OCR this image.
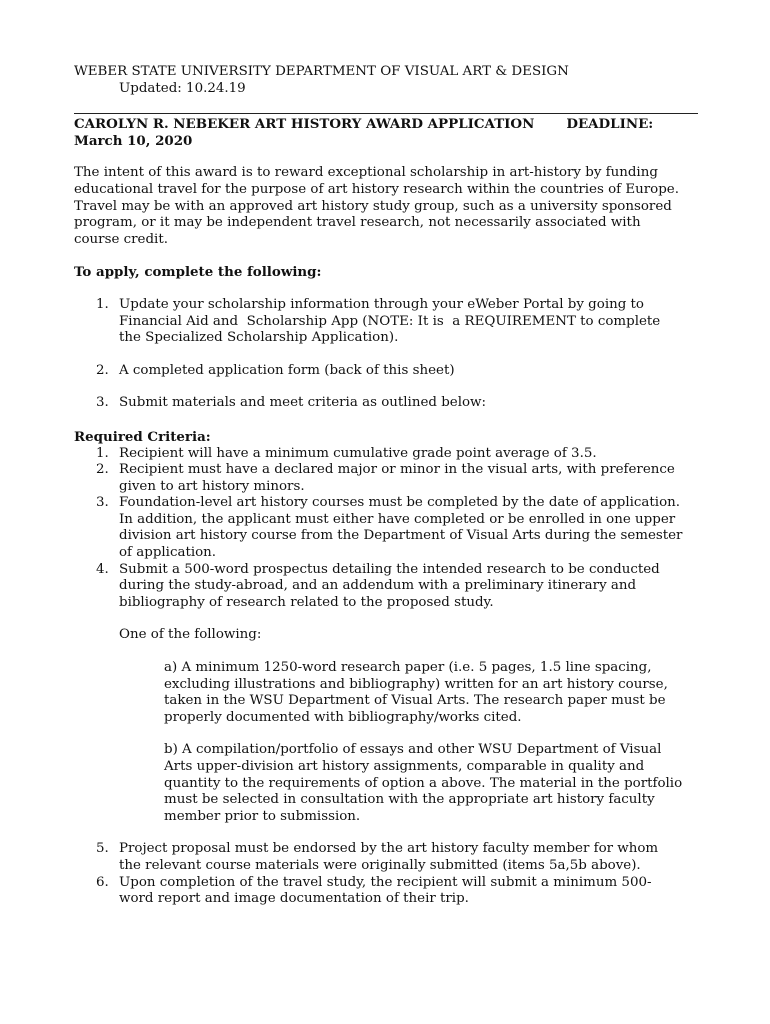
WEBER STATE UNIVERSITY DEPARTMENT OF VISUAL ART & DESIGN
Updated: 10.24.19
CAROLYN R. NEBEKER ART HISTORY AWARD APPLICATION DEADLINE:
March 10, 2020
The intent of this award is to reward exceptional scholarship in art-history by funding
educational travel for the purpose of art history research within the countries of Europe.
Travel may be with an approved art history study group, such as a university sponsored
program, or it may be independent travel research, not necessarily associated with
course credit.
To apply, complete the following:
1. Update your scholarship information through your eWeber Portal by going to
Financial Aid and  Scholarship App (NOTE: It is  a REQUIREMENT to complete
the Specialized Scholarship Application).
2. A completed application form (back of this sheet)
3. Submit materials and meet criteria as outlined below:
Required Criteria:
1. Recipient will have a minimum cumulative grade point average of 3.5.
2. Recipient must have a declared major or minor in the visual arts, with preference
given to art history minors.
3. Foundation-level art history courses must be completed by the date of application.
In addition, the applicant must either have completed or be enrolled in one upper
division art history course from the Department of Visual Arts during the semester
of application.
4. Submit a 500-word prospectus detailing the intended research to be conducted
during the study-abroad, and an addendum with a preliminary itinerary and
bibliography of research related to the proposed study.
One of the following:
a) A minimum 1250-word research paper (i.e. 5 pages, 1.5 line spacing,
excluding illustrations and bibliography) written for an art history course,
taken in the WSU Department of Visual Arts. The research paper must be
properly documented with bibliography/works cited.
b) A compilation/portfolio of essays and other WSU Department of Visual
Arts upper-division art history assignments, comparable in quality and
quantity to the requirements of option a above. The material in the portfolio
must be selected in consultation with the appropriate art history faculty
member prior to submission.
5. Project proposal must be endorsed by the art history faculty member for whom
the relevant course materials were originally submitted (items 5a,5b above).
6. Upon completion of the travel study, the recipient will submit a minimum 500-
word report and image documentation of their trip.
